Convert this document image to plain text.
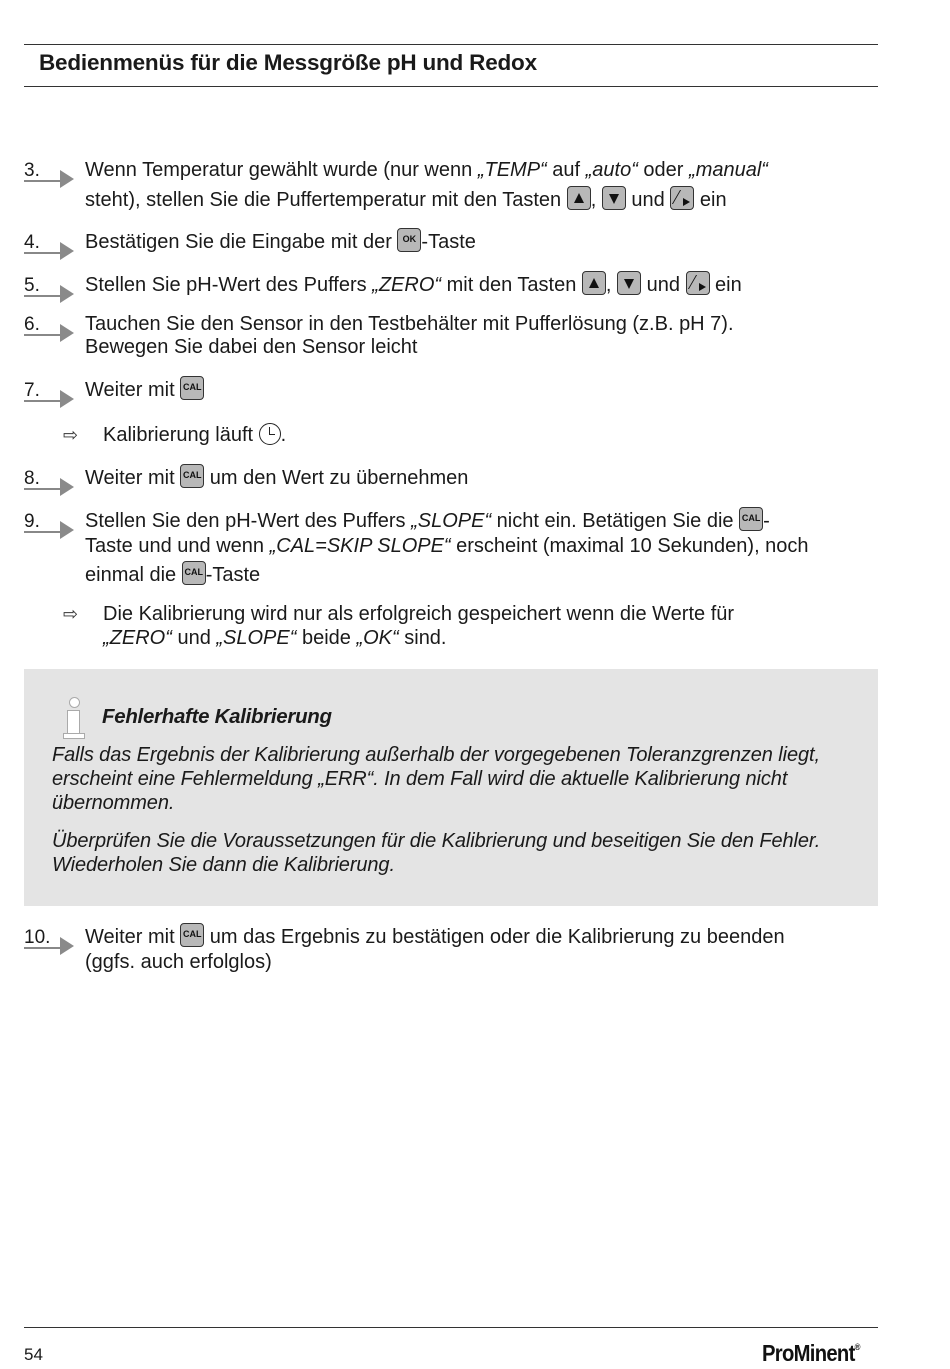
Bedienmenüs für die Messgröße pH und Redox
3. Wenn Temperatur gewählt wurde (nur wenn „TEMP“ auf „auto“ oder „manual“
steht), stellen Sie die Puffertemperatur mit den Tasten ,  und  ein
4. Bestätigen Sie die Eingabe mit der OK -Taste
5. Stellen Sie pH-Wert des Puffers „ZERO“ mit den Tasten ,  und  ein
6. Tauchen Sie den Sensor in den Testbehälter mit Pufferlösung (z.B. pH 7).
Bewegen Sie dabei den Sensor leicht
7. Weiter mit CAL
⇨ Kalibrierung läuft .
8. Weiter mit CAL um den Wert zu übernehmen
9. Stellen Sie den pH-Wert des Puffers „SLOPE“ nicht ein. Betätigen Sie die CAL -
Taste und und wenn „CAL=SKIP SLOPE“ erscheint (maximal 10 Sekunden), noch
einmal die CAL -Taste
⇨ Die Kalibrierung wird nur als erfolgreich gespeichert wenn die Werte für
„ZERO“ und „SLOPE“ beide „OK“ sind.
Fehlerhafte Kalibrierung
Falls das Ergebnis der Kalibrierung außerhalb der vorgegebenen Toleranzgrenzen liegt, erscheint eine Fehlermeldung „ERR“. In dem Fall wird die aktuelle Kalibrierung nicht übernommen.
Überprüfen Sie die Voraussetzungen für die Kalibrierung und beseitigen Sie den Fehler. Wiederholen Sie dann die Kalibrierung.
10. Weiter mit CAL um das Ergebnis zu bestätigen oder die Kalibrierung zu beenden
(ggfs. auch erfolglos)
54	ProMinent®
